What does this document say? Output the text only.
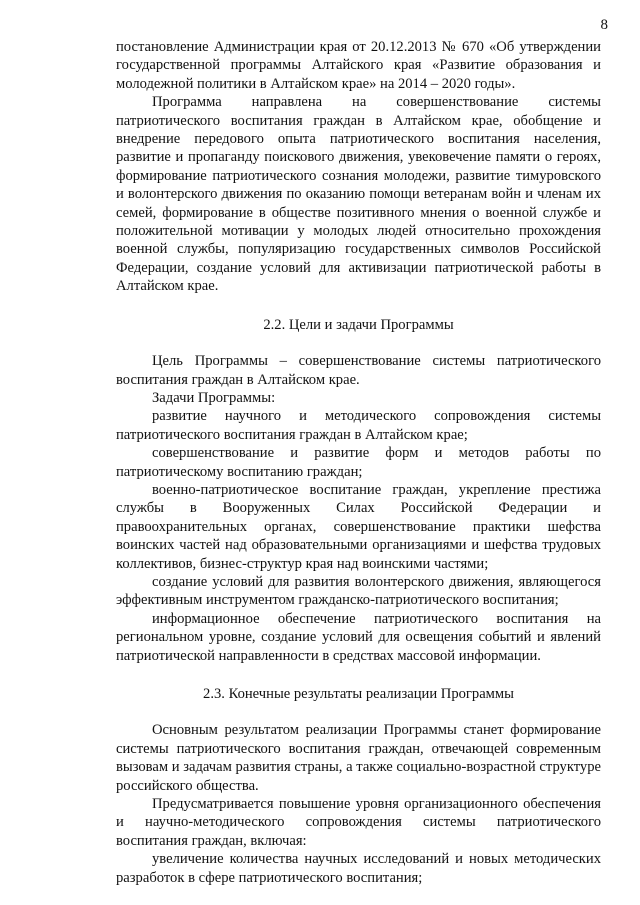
8

постановление Администрации края от 20.12.2013 № 670 «Об утверждении государственной программы Алтайского края «Развитие образования и молодежной политики в Алтайском крае» на 2014 – 2020 годы».

Программа направлена на совершенствование системы патриотического воспитания граждан в Алтайском крае, обобщение и внедрение передового опыта патриотического воспитания населения, развитие и пропаганду поискового движения, увековечение памяти о героях, формирование патриотического сознания молодежи, развитие тимуровского и волонтерского движения по оказанию помощи ветеранам войн и членам их семей, формирование в обществе позитивного мнения о военной службе и положительной мотивации у молодых людей относительно прохождения военной службы, популяризацию государственных символов Российской Федерации, создание условий для активизации патриотической работы в Алтайском крае.

2.2. Цели и задачи Программы

Цель Программы – совершенствование системы патриотического воспитания граждан в Алтайском крае.

Задачи Программы:

развитие научного и методического сопровождения системы патриотического воспитания граждан в Алтайском крае;

совершенствование и развитие форм и методов работы по патриотическому воспитанию граждан;

военно-патриотическое воспитание граждан, укрепление престижа службы в Вооруженных Силах Российской Федерации и правоохранительных органах, совершенствование практики шефства воинских частей над образовательными организациями и шефства трудовых коллективов, бизнес-структур края над воинскими частями;

создание условий для развития волонтерского движения, являющегося эффективным инструментом гражданско-патриотического воспитания;

информационное обеспечение патриотического воспитания на региональном уровне, создание условий для освещения событий и явлений патриотической направленности в средствах массовой информации.

2.3. Конечные результаты реализации Программы

Основным результатом реализации Программы станет формирование системы патриотического воспитания граждан, отвечающей современным вызовам и задачам развития страны, а также социально-возрастной структуре российского общества.

Предусматривается повышение уровня организационного обеспечения и научно-методического сопровождения системы патриотического воспитания граждан, включая:

увеличение количества научных исследований и новых методических разработок в сфере патриотического воспитания;
